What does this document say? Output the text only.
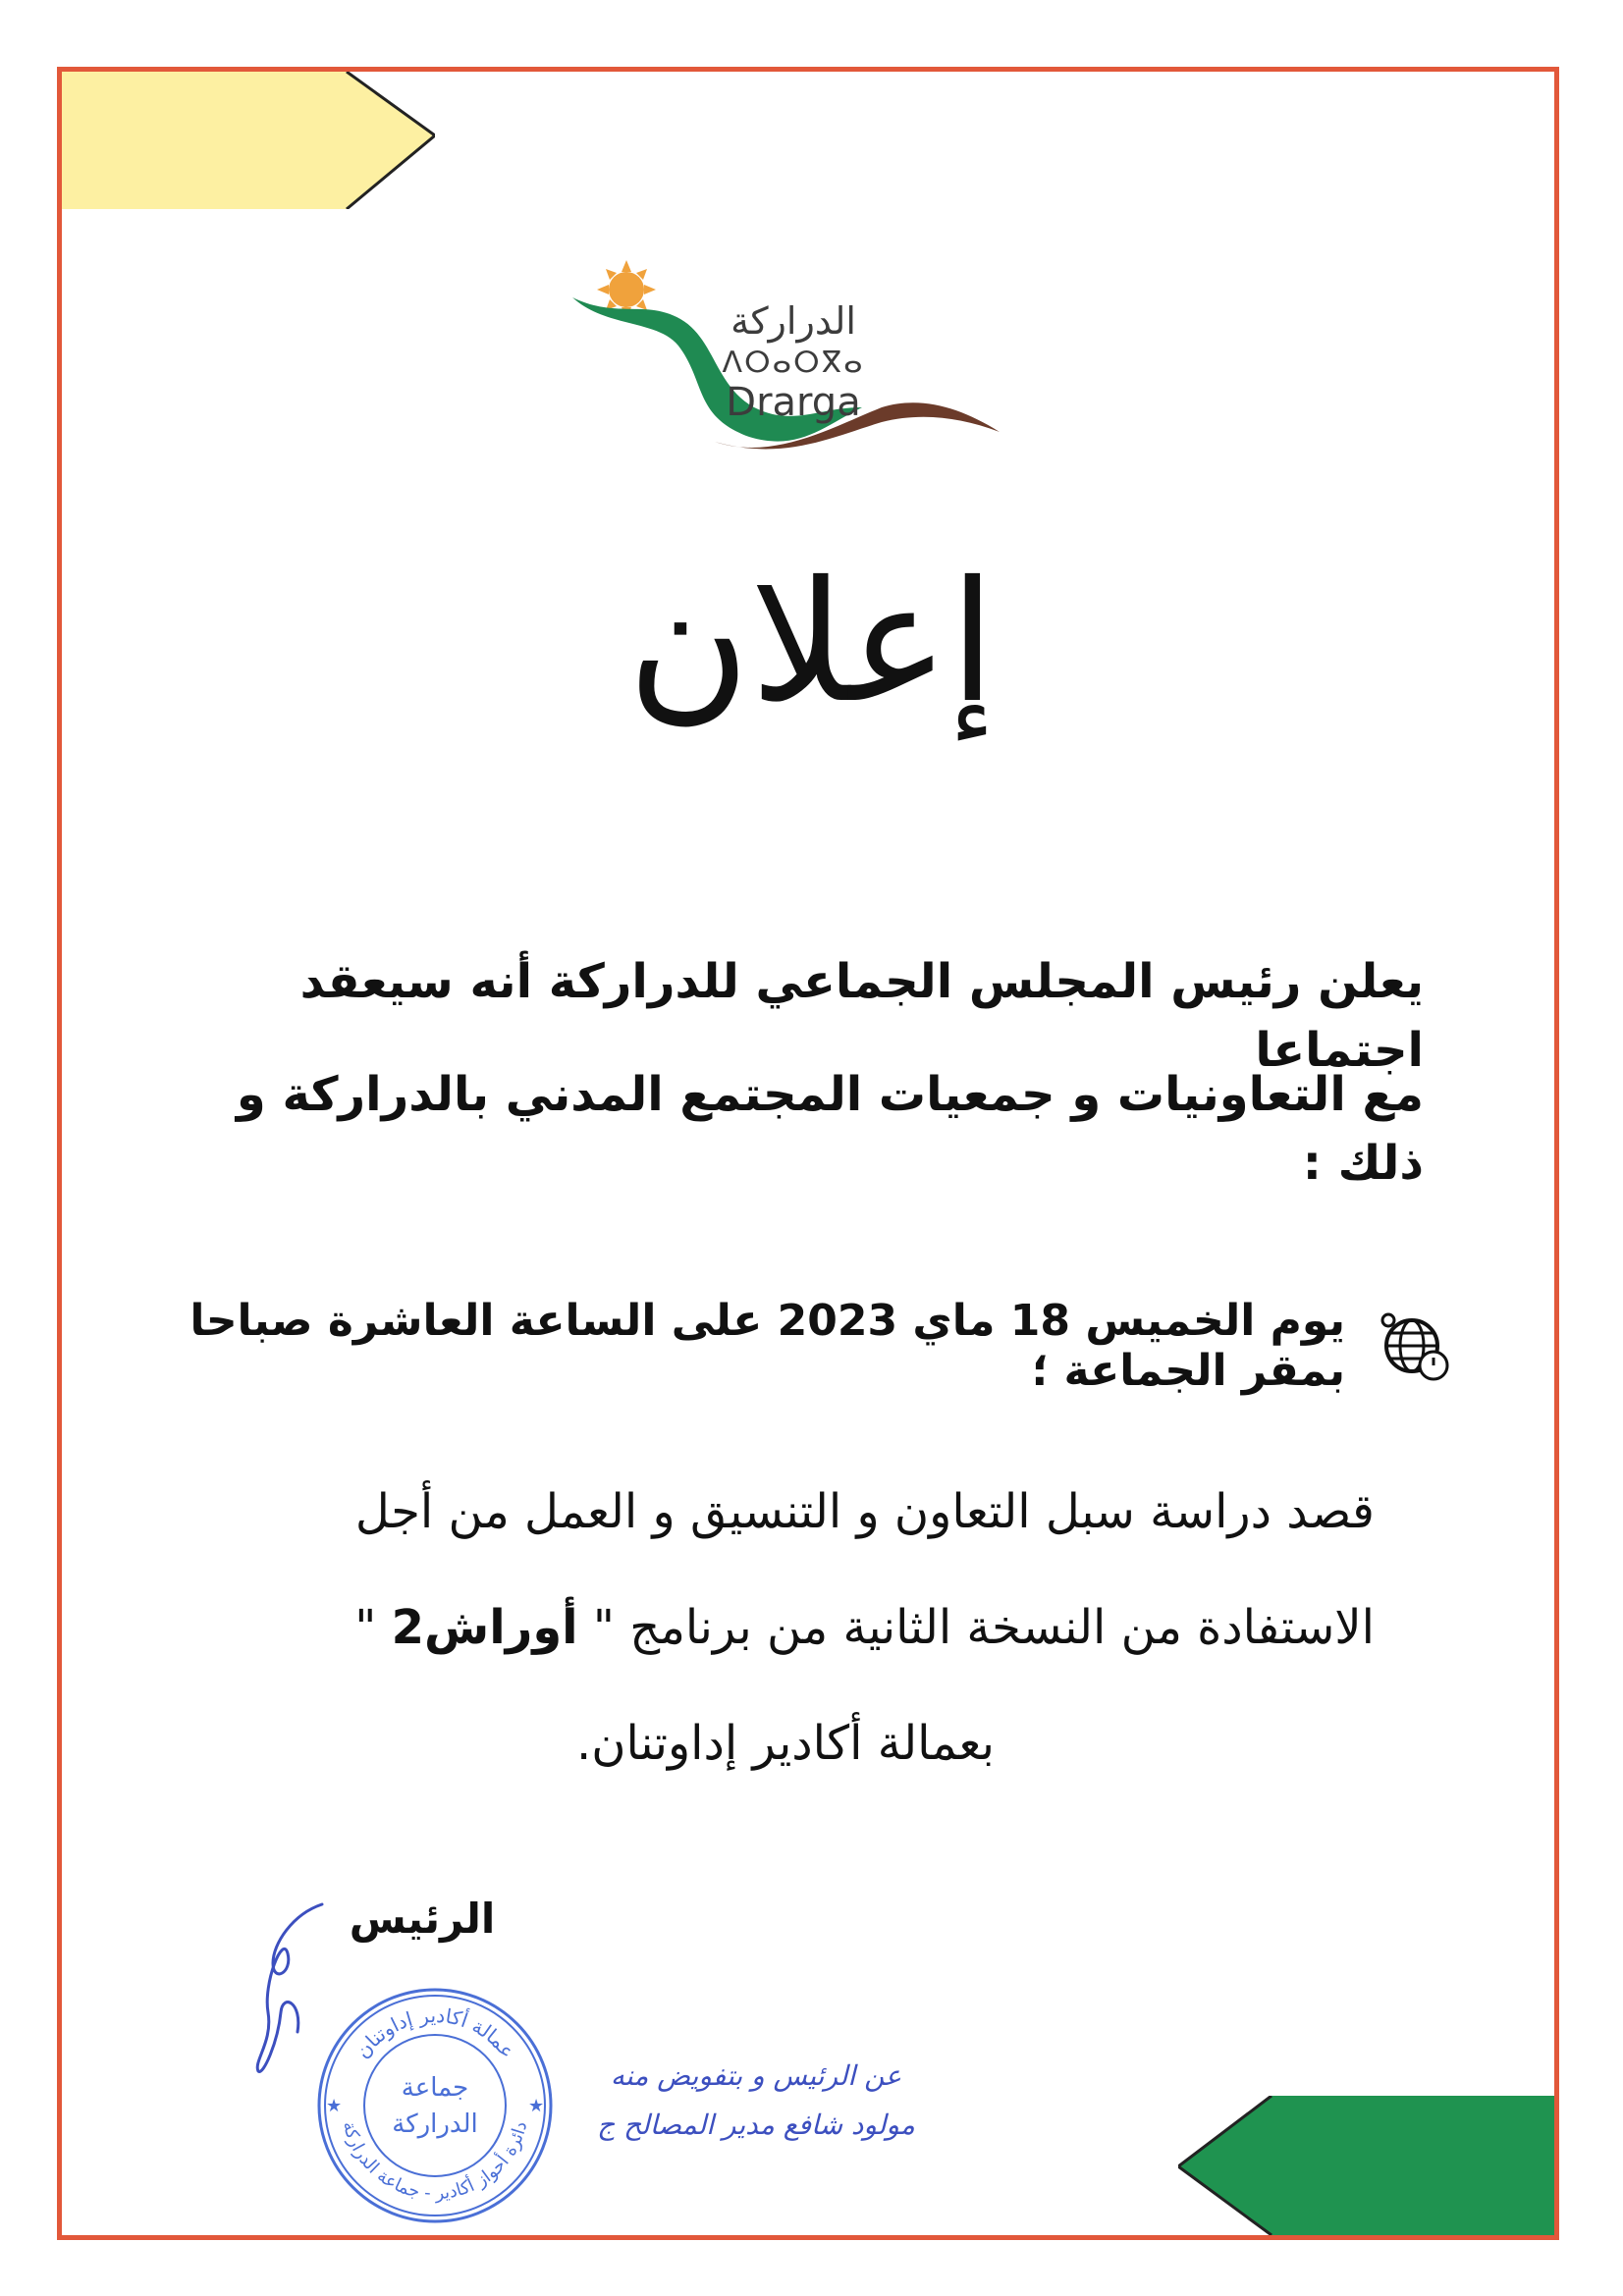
الدراركة
ⴷⵔⴰⵔⴳⴰ
Drarga
إعلان
يعلن رئيس المجلس الجماعي للدراركة أنه سيعقد اجتماعا
مع التعاونيات و جمعيات المجتمع المدني بالدراركة و ذلك :
يوم الخميس 18 ماي 2023 على الساعة العاشرة صباحا بمقر الجماعة ؛
قصد دراسة سبل التعاون و التنسيق و العمل من أجل
الاستفادة من النسخة الثانية من برنامج " أوراش2 "
بعمالة أكادير إداوتنان.
الرئيس
عمالة أكادير إداوتنان
دائرة أحواز أكادير - جماعة الدراركة
جماعة
الدراركة
★	★
عن الرئيس و بتفويض منه
مولود شافع مدير المصالح ج
